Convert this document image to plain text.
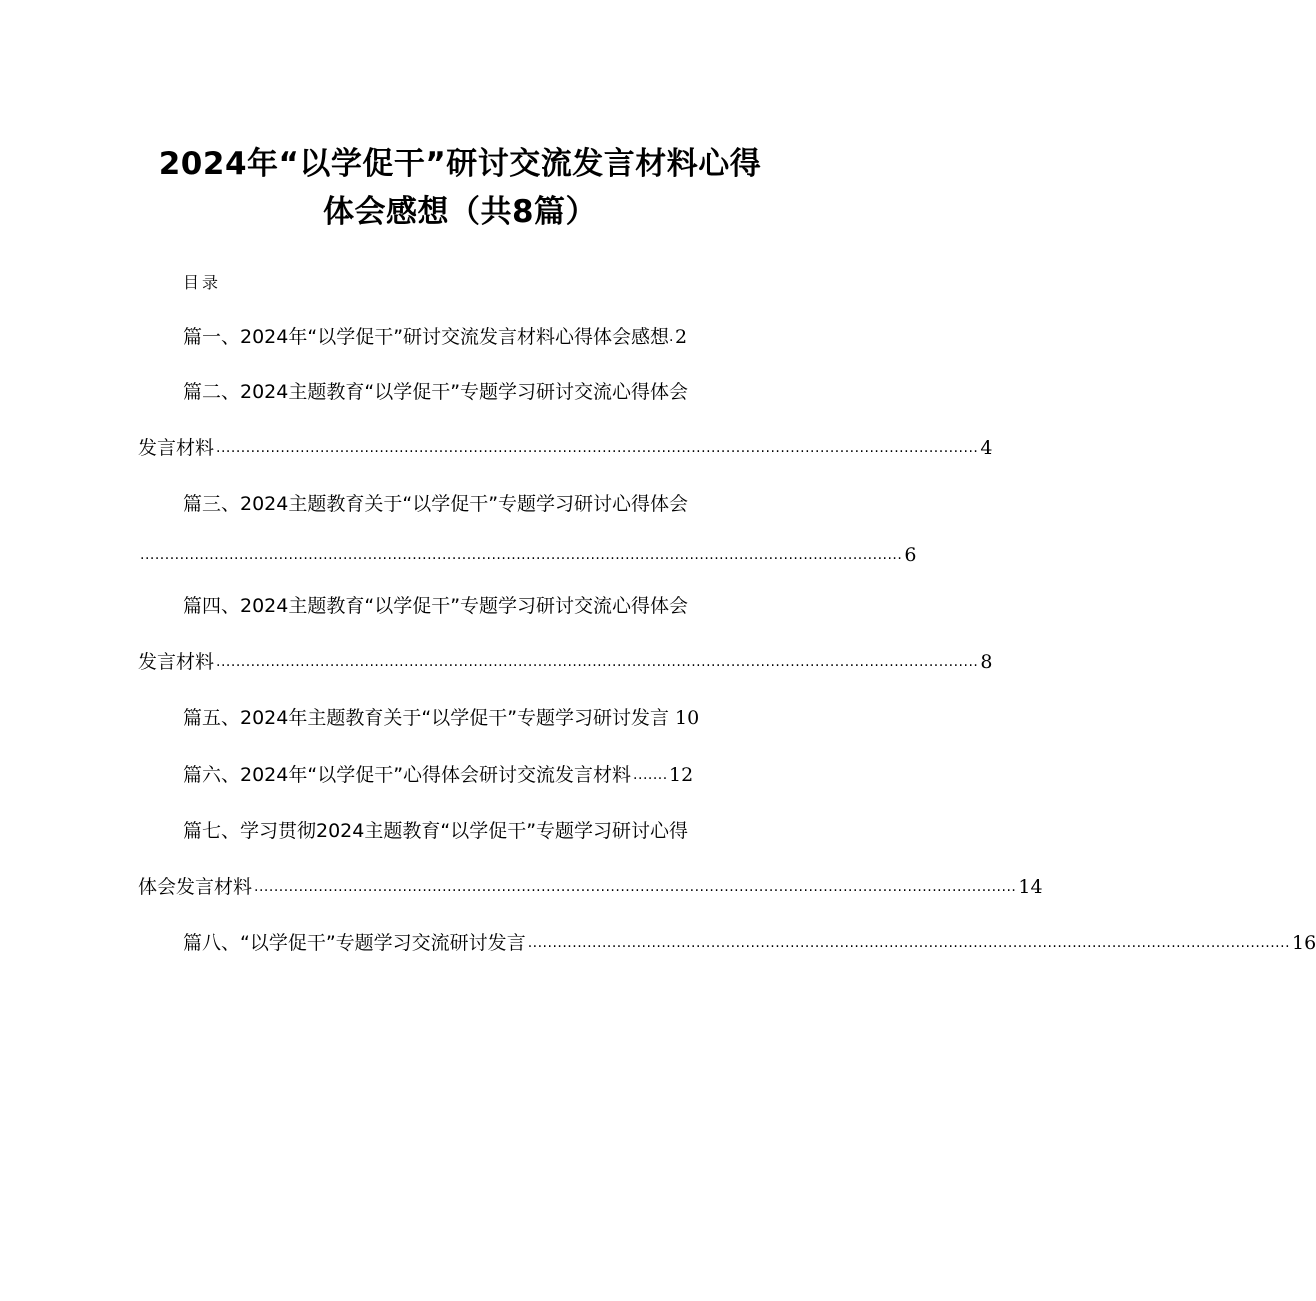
2024年“以学促干”研讨交流发言材料心得
体会感想（共8篇）
目录
篇一、2024年“以学促干”研讨交流发言材料心得体会感想 . 2
篇二、2024主题教育“以学促干”专题学习研讨交流心得体会
发言材料 .......................................................................................................................................................... 4
篇三、2024主题教育关于“以学促干”专题学习研讨心得体会
.......................................................................................................................................................... 6
篇四、2024主题教育“以学促干”专题学习研讨交流心得体会
发言材料 .......................................................................................................................................................... 8
篇五、2024年主题教育关于“以学促干”专题学习研讨发言 10
篇六、2024年“以学促干”心得体会研讨交流发言材料 ....... 12
篇七、学习贯彻2024主题教育“以学促干”专题学习研讨心得
体会发言材料 .......................................................................................................................................................... 14
篇八、“以学促干”专题学习交流研讨发言 .......................................................................................................................................................... 16
